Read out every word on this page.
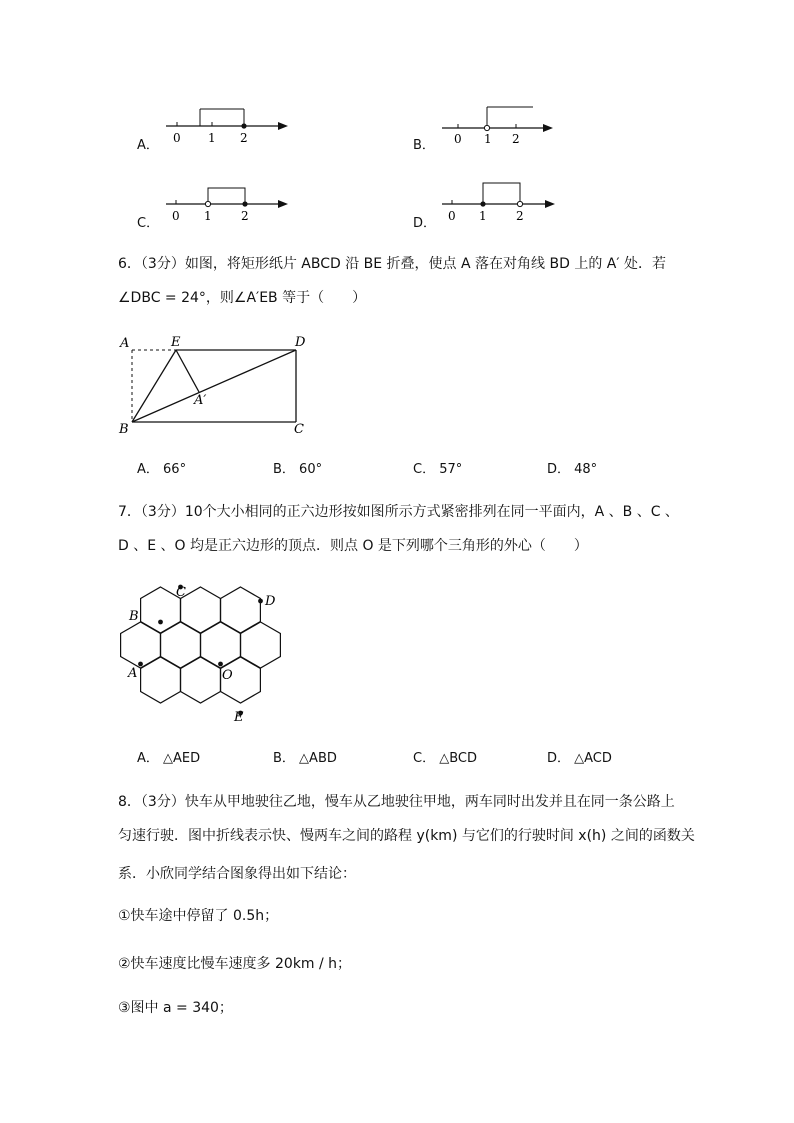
A． 0 1 2	B． 0 1 2
C． 0 1 2	D． 0 1 2
6．（3分）如图，将矩形纸片 ABCD 沿 BE 折叠，使点 A 落在对角线 BD 上的 A′ 处．若
∠DBC = 24°，则∠A′EB 等于（　　）
A	E	D
A′
B	C
A． 66°	B． 60°	C． 57°	D． 48°
7．（3分）10个大小相同的正六边形按如图所示方式紧密排列在同一平面内，A 、B 、C 、
D 、E 、O 均是正六边形的顶点．则点 O 是下列哪个三角形的外心（　　）
B
C
D
A	O
E
A． △AED	B． △ABD	C． △BCD	D． △ACD
8．（3分）快车从甲地驶往乙地，慢车从乙地驶往甲地，两车同时出发并且在同一条公路上
匀速行驶．图中折线表示快、慢两车之间的路程 y(km) 与它们的行驶时间 x(h) 之间的函数关
系．小欣同学结合图象得出如下结论：
①快车途中停留了 0.5h；
②快车速度比慢车速度多 20km / h；
③图中 a = 340；
